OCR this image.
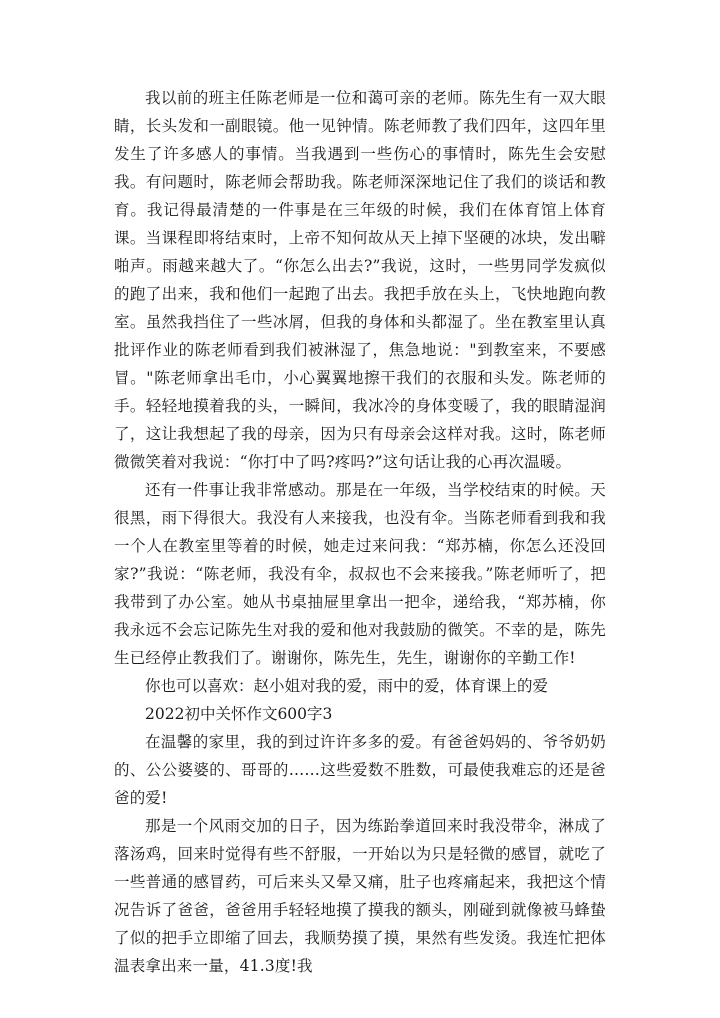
我以前的班主任陈老师是一位和蔼可亲的老师。陈先生有一双大眼睛，长头发和一副眼镜。他一见钟情。陈老师教了我们四年，这四年里发生了许多感人的事情。当我遇到一些伤心的事情时，陈先生会安慰我。有问题时，陈老师会帮助我。陈老师深深地记住了我们的谈话和教育。我记得最清楚的一件事是在三年级的时候，我们在体育馆上体育课。当课程即将结束时，上帝不知何故从天上掉下坚硬的冰块，发出噼啪声。雨越来越大了。“你怎么出去?”我说，这时，一些男同学发疯似的跑了出来，我和他们一起跑了出去。我把手放在头上，飞快地跑向教室。虽然我挡住了一些冰屑，但我的身体和头都湿了。坐在教室里认真批评作业的陈老师看到我们被淋湿了，焦急地说："到教室来，不要感冒。"陈老师拿出毛巾，小心翼翼地擦干我们的衣服和头发。陈老师的手。轻轻地摸着我的头，一瞬间，我冰冷的身体变暖了，我的眼睛湿润了，这让我想起了我的母亲，因为只有母亲会这样对我。这时，陈老师微微笑着对我说：“你打中了吗?疼吗?”这句话让我的心再次温暖。

还有一件事让我非常感动。那是在一年级，当学校结束的时候。天很黑，雨下得很大。我没有人来接我，也没有伞。当陈老师看到我和我一个人在教室里等着的时候，她走过来问我：“郑苏楠，你怎么还没回家?”我说：“陈老师，我没有伞，叔叔也不会来接我。”陈老师听了，把我带到了办公室。她从书桌抽屉里拿出一把伞，递给我，“郑苏楠，你我永远不会忘记陈先生对我的爱和他对我鼓励的微笑。不幸的是，陈先生已经停止教我们了。谢谢你，陈先生，先生，谢谢你的辛勤工作!

你也可以喜欢：赵小姐对我的爱，雨中的爱，体育课上的爱

2022初中关怀作文600字3

在温馨的家里，我的到过许许多多的爱。有爸爸妈妈的、爷爷奶奶的、公公婆婆的、哥哥的……这些爱数不胜数，可最使我难忘的还是爸爸的爱!

那是一个风雨交加的日子，因为练跆拳道回来时我没带伞，淋成了落汤鸡，回来时觉得有些不舒服，一开始以为只是轻微的感冒，就吃了一些普通的感冒药，可后来头又晕又痛，肚子也疼痛起来，我把这个情况告诉了爸爸，爸爸用手轻轻地摸了摸我的额头，刚碰到就像被马蜂蛰了似的把手立即缩了回去，我顺势摸了摸，果然有些发烫。我连忙把体温表拿出来一量，41.3度!我
